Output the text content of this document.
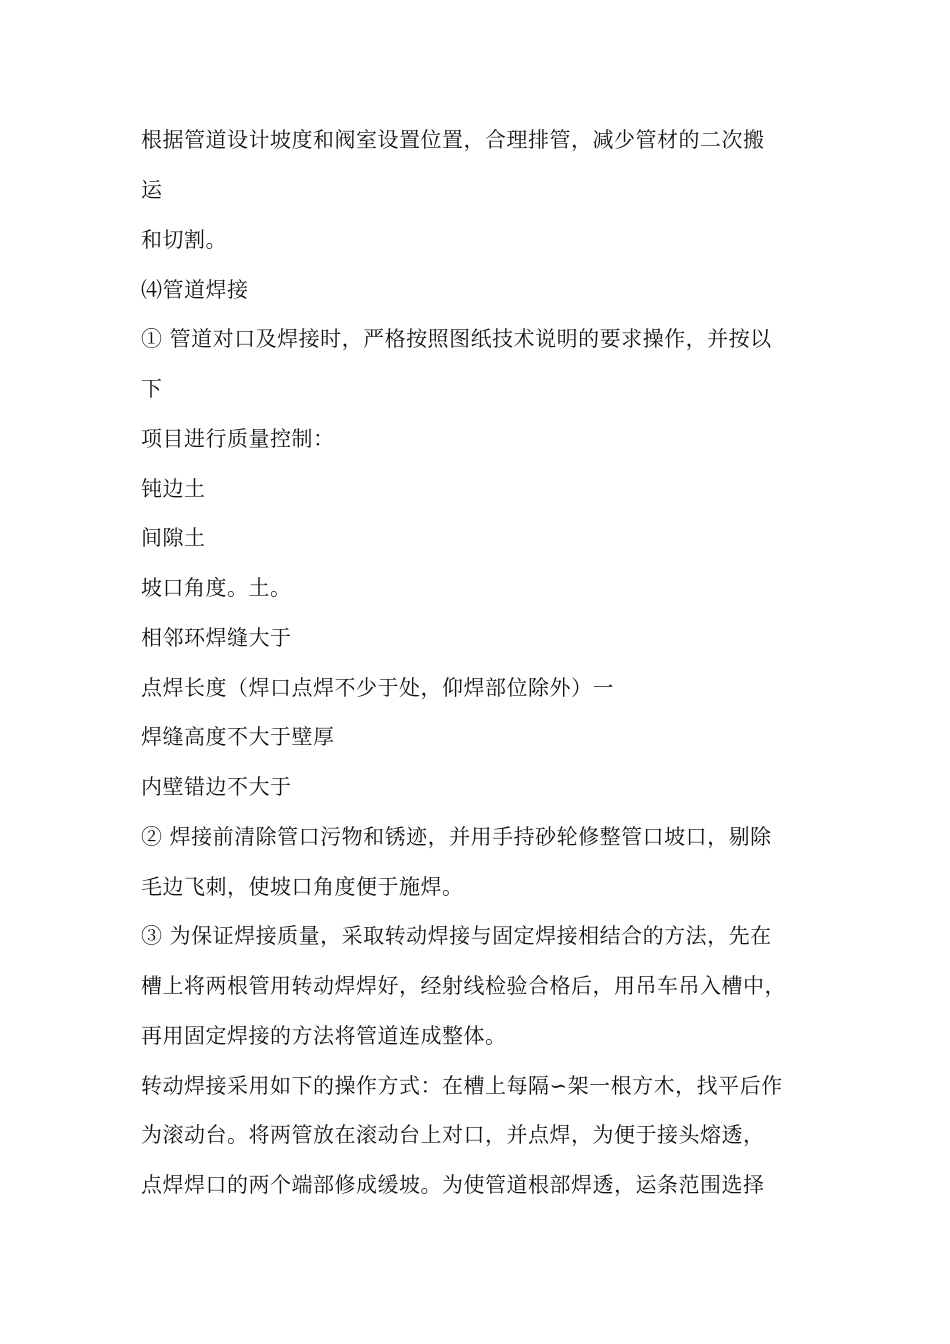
根据管道设计坡度和阀室设置位置，合理排管，减少管材的二次搬
运
和切割。
⑷管道焊接
① 管道对口及焊接时，严格按照图纸技术说明的要求操作，并按以
下
项目进行质量控制：
钝边土
间隙土
坡口角度。土。
相邻环焊缝大于
点焊长度（焊口点焊不少于处，仰焊部位除外）一
焊缝高度不大于壁厚
内壁错边不大于
② 焊接前清除管口污物和锈迹，并用手持砂轮修整管口坡口，剔除
毛边飞刺，使坡口角度便于施焊。
③ 为保证焊接质量，采取转动焊接与固定焊接相结合的方法，先在
槽上将两根管用转动焊焊好，经射线检验合格后，用吊车吊入槽中，
再用固定焊接的方法将管道连成整体。
转动焊接采用如下的操作方式：在槽上每隔∽架一根方木，找平后作
为滚动台。将两管放在滚动台上对口，并点焊，为便于接头熔透，
点焊焊口的两个端部修成缓坡。为使管道根部焊透，运条范围选择
